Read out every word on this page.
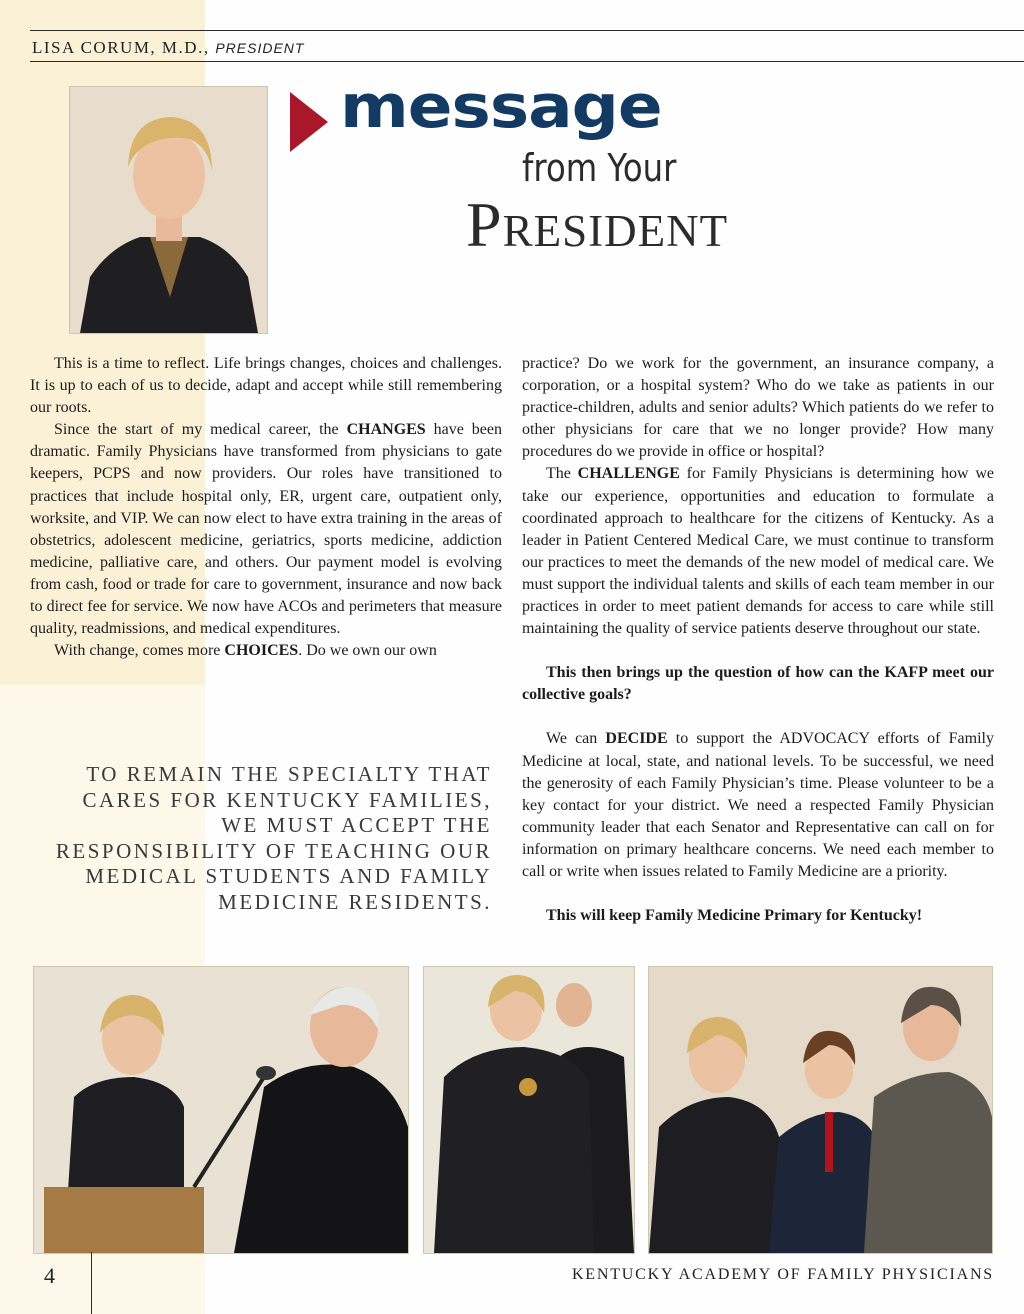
LISA CORUM, M.D., PRESIDENT
message
from Your
President

This is a time to reflect. Life brings changes, choices and challenges. It is up to each of us to decide, adapt and accept while still remembering our roots.

Since the start of my medical career, the CHANGES have been dramatic. Family Physicians have transformed from physicians to gate keepers, PCPS and now providers. Our roles have transitioned to practices that include hospital only, ER, urgent care, outpatient only, worksite, and VIP. We can now elect to have extra training in the areas of obstetrics, adolescent medicine, geriatrics, sports medicine, addiction medicine, palliative care, and others. Our payment model is evolving from cash, food or trade for care to government, insurance and now back to direct fee for service. We now have ACOs and perimeters that measure quality, readmissions, and medical expenditures.

With change, comes more CHOICES. Do we own our own

practice? Do we work for the government, an insurance company, a corporation, or a hospital system? Who do we take as patients in our practice-children, adults and senior adults? Which patients do we refer to other physicians for care that we no longer provide? How many procedures do we provide in office or hospital?

The CHALLENGE for Family Physicians is determining how we take our experience, opportunities and education to formulate a coordinated approach to healthcare for the citizens of Kentucky. As a leader in Patient Centered Medical Care, we must continue to transform our practices to meet the demands of the new model of medical care. We must support the individual talents and skills of each team member in our practices in order to meet patient demands for access to care while still maintaining the quality of service patients deserve throughout our state.

This then brings up the question of how can the KAFP meet our collective goals?

We can DECIDE to support the ADVOCACY efforts of Family Medicine at local, state, and national levels. To be successful, we need the generosity of each Family Physician’s time. Please volunteer to be a key contact for your district. We need a respected Family Physician community leader that each Senator and Representative can call on for information on primary healthcare concerns. We need each member to call or write when issues related to Family Medicine are a priority.

This will keep Family Medicine Primary for Kentucky!

TO REMAIN THE SPECIALTY THAT CARES FOR KENTUCKY FAMILIES, WE MUST ACCEPT THE RESPONSIBILITY OF TEACHING OUR MEDICAL STUDENTS AND FAMILY MEDICINE RESIDENTS.
4	KENTUCKY ACADEMY OF FAMILY PHYSICIANS
